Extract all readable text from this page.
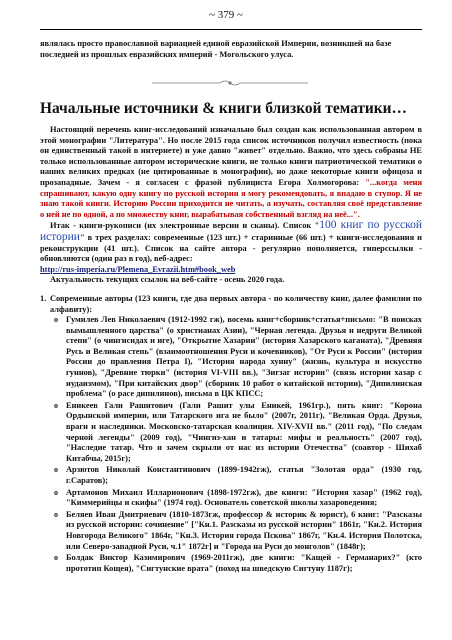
~ 379 ~
являлась просто православной вариацией единой евразийской Империи, возникшей на базе последней из прошлых евразийских империй - Могольского улуса.
Начальные источники & книги близкой тематики…

Настоящий перечень книг-исследований изначально был создан как использованная автором в этой монографии "Литература". Но после 2015 года список источников получил известность (пока он единственный такой в интернете) и уже давно "живет" отдельно. Важно, что здесь собраны НЕ только использованные автором исторические книги, не только книги патриотической тематики о наших великих предках (не цитированные в монографии), но даже некоторые книги офицоза и прозападные. Зачем - я согласен с фразой публициста Егора Холмогорова: "...когда меня спрашивают, какую одну книгу по русской истории я могу рекомендовать, я впадаю в ступор. Я не знаю такой книги. Историю России приходится не читать, а изучать, составляя своё представление о ней не по одной, а по множеству книг, вырабатывая собственный взгляд на неё...".

Итак - книги-рукописи (их электронные версии и сканы). Список "100 книг по русской истории" в трех разделах: современные (123 шт.) + старинные (66 шт.) + книги-исследования и реконструкции (41 шт.). Список на сайте автора - регулярно пополняется, гиперссылки - обновляются (один раз в год), веб-адрес:
http://rus-imperia.ru/Plemena_Evrazii.htm#book_web

Актуальность текущих ссылок на веб-сайте - осень 2020 года.

1. Современные авторы (123 книги, где два первых автора - по количеству книг, далее фамилии по алфавиту):

o Гумилев Лев Николаевич (1912-1992 гж), восемь книг+сборник+статья+письмо: "В поисках вымышленного царства" (о христианах Азии), "Черная легенда. Друзья и недруги Великой степи" (о чингисидах и иге), "Открытие Хазарии" (история Хазарского каганата), "Древняя Русь и Великая степь" (взаимоотношения Руси и кочевников), "От Руси к России" (история России до правления Петра I), "История народа хунну" (жизнь, культура и искусство гуннов), "Древние тюрки" (история VI-VIII вв.), "Зигзаг истории" (связь истории хазар с иудаизмом), "При китайских двор" (сборник 10 работ о китайской истории), "Дипилинская проблема" (о расе дипилинов), письма в ЦК КПСС;
o Еникеев Гали Рашитович (Гали Рашит улы Еникей, 1961гр.), пять книг: "Корона Ордынской империи, или Татарского ига не было" (2007г, 2011г), "Великая Орда. Друзья, враги и наследники. Московско-татарская коалиция. XIV-XVII вв." (2011 год), "По следам черной легенды" (2009 год), "Чингиз-хан и татары: мифы и реальность" (2007 год), "Наследие татар. Что и зачем скрыли от нас из истории Отечества" (соавтор - Шихаб Китабчы, 2015г);
o Арзютов Николай Константинович (1899-1942гж), статья "Золотая орда" (1930 год, г.Саратов);
o Артамонов Михаил Илларионович (1898-1972гж), две книги: "История хазар" (1962 год), "Киммерийцы и скифы" (1974 год). Основатель советской школы хазароведения;
o Беляев Иван Дмитриевич (1810-1873гж, профессор & историк & юрист), 6 книг: "Разсказы из русской истории: сочинение" ["Кн.1. Разсказы из русской истории" 1861г, "Кн.2. История Новгорода Великого" 1864г, "Кн.3. История города Пскова" 1867г, "Кн.4. История Полотска, или Северо-западной Руси, ч.1" 1872г] и "Города на Руси до монголов" (1848г);
o Болдак Виктор Казимирович (1969-2011гж), две книги: "Кащей - Германарих?" (кто прототип Кощея), "Сигтунские врата" (поход на шведскую Сигтуну 1187г);
